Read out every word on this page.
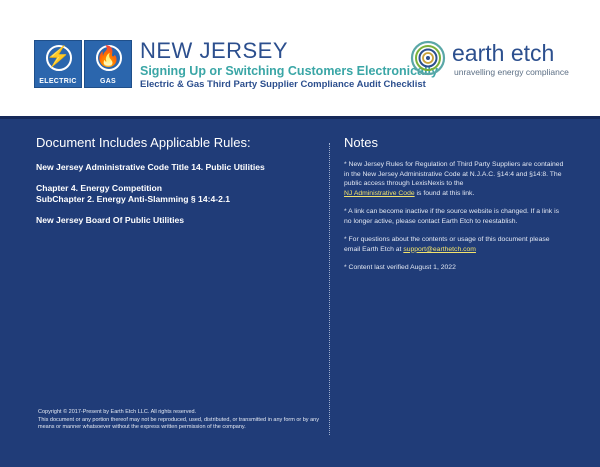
⚡
ELECTRIC
🔥
GAS
NEW JERSEY
Signing Up or Switching Customers Electronically
Electric & Gas Third Party Supplier Compliance Audit Checklist
earth etch
unravelling energy compliance
Document Includes Applicable Rules:
New Jersey Administrative Code Title 14. Public Utilities
Chapter 4. Energy Competition
SubChapter 2. Energy Anti-Slamming § 14:4-2.1
New Jersey Board Of Public Utilities
Notes

* New Jersey Rules for Regulation of Third Party Suppliers are contained in the New Jersey Administrative Code at N.J.A.C. §14:4 and §14:8. The public access through LexisNexis to the
NJ Administrative Code is found at this link.

* A link can become inactive if the source website is changed. If a link is no longer active, please contact Earth Etch to reestablish.

* For questions about the contents or usage of this document please email Earth Etch at support@earthetch.com

* Content last verified August 1, 2022

Copyright © 2017-Present by Earth Etch LLC. All rights reserved.
This document or any portion thereof may not be reproduced, used, distributed, or transmitted in any form or by any means or manner whatsoever without the express written permission of the company.
